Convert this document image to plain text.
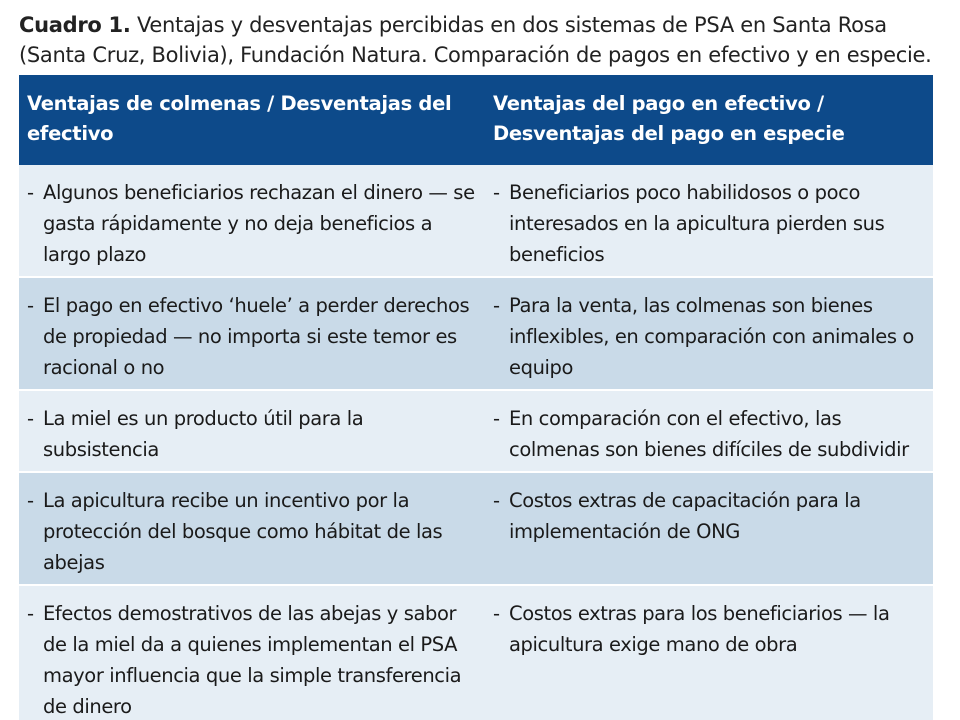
Cuadro 1. Ventajas y desventajas percibidas en dos sistemas de PSA en Santa Rosa (Santa Cruz, Bolivia), Fundación Natura. Comparación de pagos en efectivo y en especie.
Ventajas de colmenas / Desventajas del efectivo	Ventajas del pago en efectivo / Desventajas del pago en especie

- Algunos beneficiarios rechazan el dinero — se gasta rápidamente y no deja beneficios a largo plazo	- Beneficiarios poco habilidosos o poco interesados en la apicultura pierden sus beneficios

- El pago en efectivo ‘huele’ a perder derechos de propiedad — no importa si este temor es racional o no	- Para la venta, las colmenas son bienes inflexibles, en comparación con animales o equipo

- La miel es un producto útil para la subsistencia	- En comparación con el efectivo, las colmenas son bienes difíciles de subdividir

- La apicultura recibe un incentivo por la protección del bosque como hábitat de las abejas	- Costos extras de capacitación para la implementación de ONG

- Efectos demostrativos de las abejas y sabor de la miel da a quienes implementan el PSA mayor influencia que la simple transferencia de dinero	- Costos extras para los beneficiarios — la apicultura exige mano de obra
